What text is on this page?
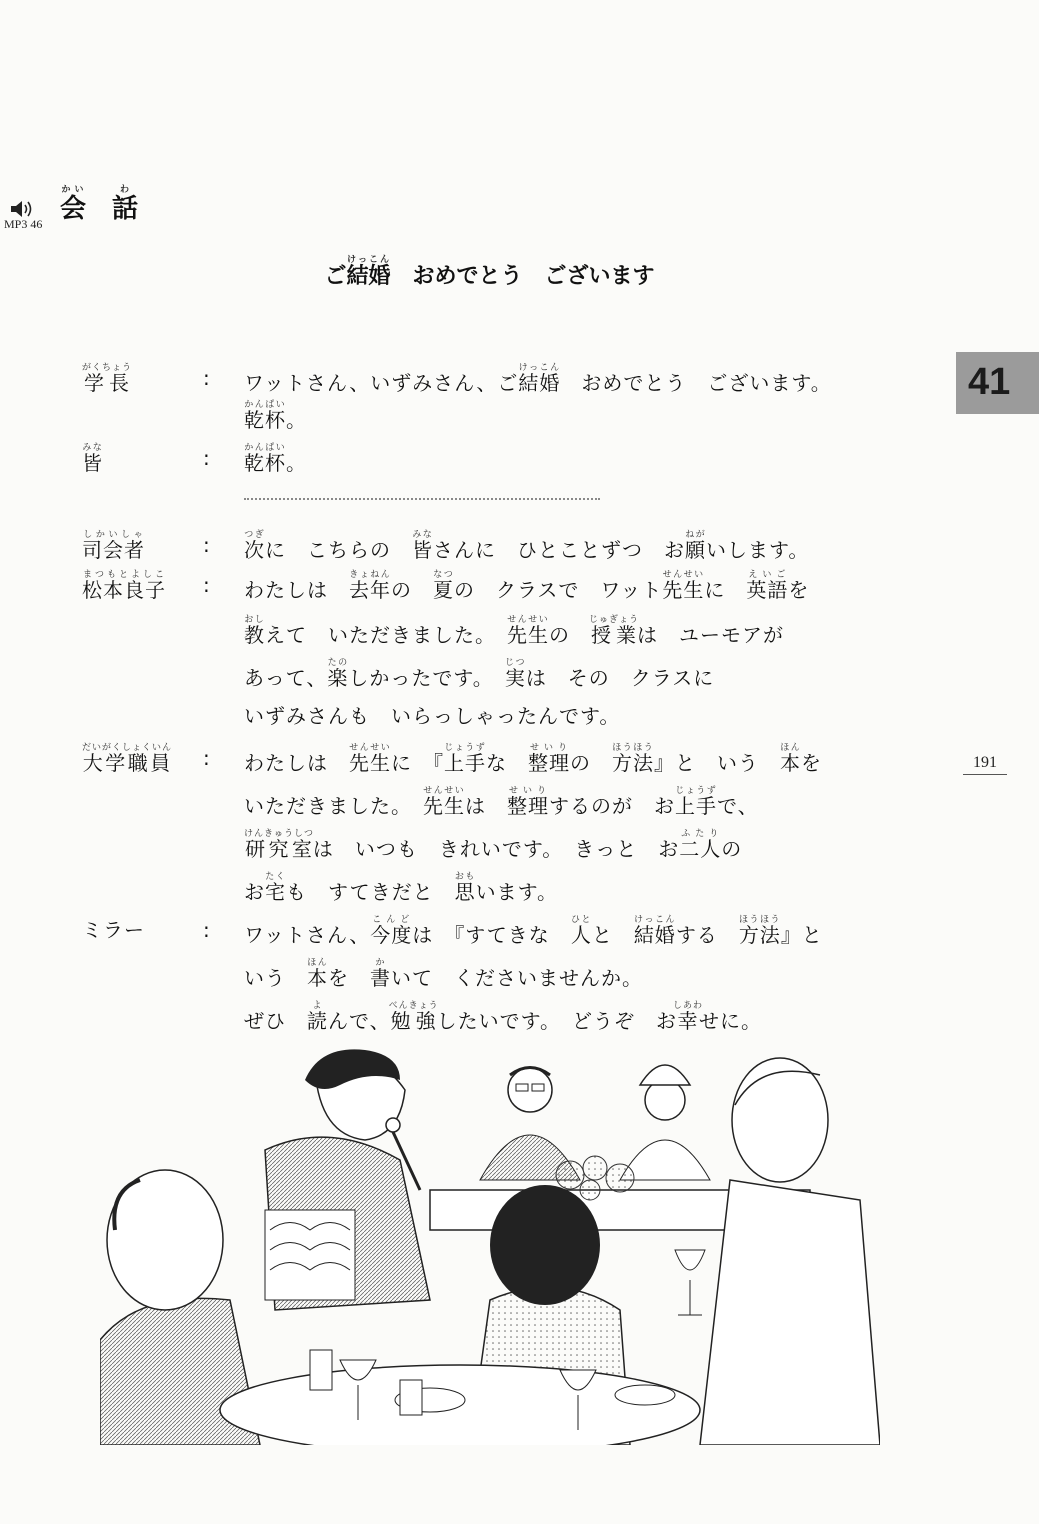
MP3 46 会かい　話わ
ご結婚けっこん　おめでとう　ございます
41
191
学長がくちょう	: ワットさん、いずみさん、ご結婚けっこん　おめでとう　ございます。
乾杯かんぱい。
皆みな	: 乾杯かんぱい。
司会者しかいしゃ	: 次つぎに　こちらの　皆みなさんに　ひとことずつ　お願ねがいします。
松本良子まつもとよしこ : わたしは　去年きょねんの　夏なつの　クラスで　ワット先生せんせいに　英語えいごを
教おしえて　いただきました。　先生せんせいの　授業じゅぎょうは　ユーモアが
あって、楽たのしかったです。　実じつは　その　クラスに
いずみさんも　いらっしゃったんです。
大学職員だいがくしょくいん : わたしは　先生せんせいに　『上手じょうずな　整理せいりの　方法ほうほう』と　いう　本ほんを
いただきました。　先生せんせいは　整理せいりするのが　お上手じょうずで、
研究室けんきゅうしつは　いつも　きれいです。　きっと　お二人ふたりの
お宅たくも　すてきだと　思おもいます。
ミラー	: ワットさん、今度こんどは　『すてきな　人ひとと　結婚けっこんする　方法ほうほう』と
いう　本ほんを　書かいて　くださいませんか。
ぜひ　読よんで、勉強べんきょうしたいです。　どうぞ　お幸しあわせに。
